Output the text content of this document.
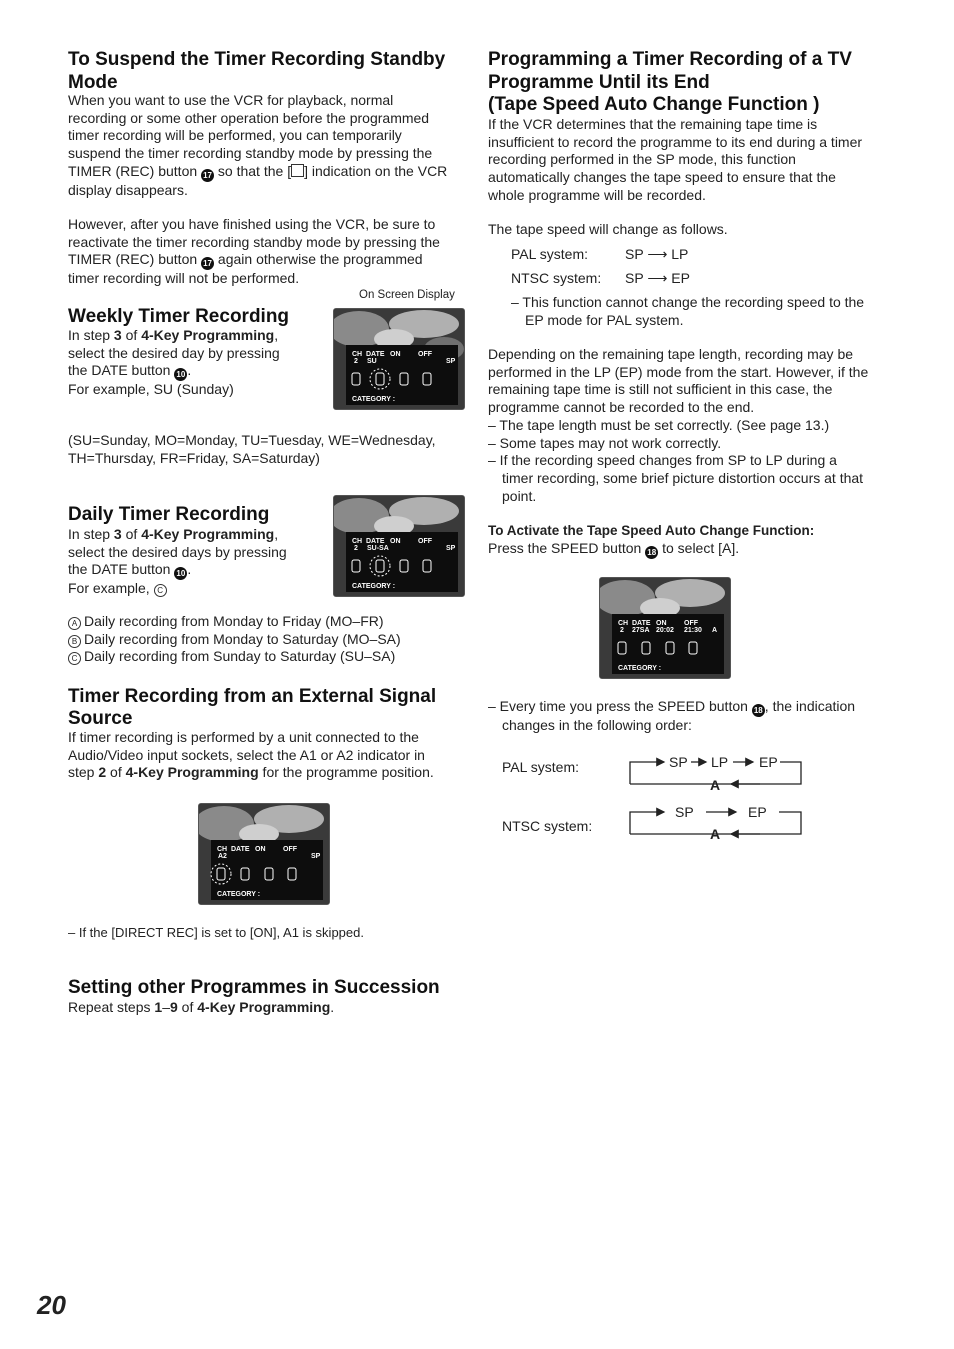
To Suspend the Timer Recording Standby
Mode
When you want to use the VCR for playback, normal
recording or some other operation before the programmed
timer recording will be performed, you can temporarily
suspend the timer recording standby mode by pressing the
TIMER (REC) button 17 so that the [ ] indication on the VCR
display disappears.
However, after you have finished using the VCR, be sure to
reactivate the timer recording standby mode by pressing the
TIMER (REC) button 17 again otherwise the programmed
timer recording will not be performed.
On Screen Display
Weekly Timer Recording
In step 3 of 4-Key Programming,
select the desired day by pressing
the DATE button 10 .
For example, SU (Sunday)
CH DATE ON	OFF
2 SU	SP
CATEGORY :
(SU=Sunday, MO=Monday, TU=Tuesday, WE=Wednesday,
TH=Thursday, FR=Friday, SA=Saturday)
Daily Timer Recording
In step 3 of 4-Key Programming,
select the desired days by pressing
the DATE button 10 .
For example, C
CH DATE ON	OFF
2 SU-SA	SP
CATEGORY :
A Daily recording from Monday to Friday (MO–FR)
B Daily recording from Monday to Saturday (MO–SA)
C Daily recording from Sunday to Saturday (SU–SA)
Timer Recording from an External Signal
Source
If timer recording is performed by a unit connected to the
Audio/Video input sockets, select the A1 or A2 indicator in
step 2 of 4-Key Programming for the programme position.
CH DATE ON	OFF
A2	SP
CATEGORY :
– If the [DIRECT REC] is set to [ON], A1 is skipped.
Setting other Programmes in Succession
Repeat steps 1–9 of 4-Key Programming.
Programming a Timer Recording of a TV
Programme Until its End
(Tape Speed Auto Change Function )
If the VCR determines that the remaining tape time is
insufficient to record the programme to its end during a timer
recording performed in the SP mode, this function
automatically changes the tape speed to ensure that the
whole programme will be recorded.
The tape speed will change as follows.
PAL system:	SP ⟶ LP
NTSC system: SP ⟶ EP
– This function cannot change the recording speed to the
EP mode for PAL system.
Depending on the remaining tape length, recording may be
performed in the LP (EP) mode from the start. However, if the
remaining tape time is still not sufficient in this case, the
programme cannot be recorded to the end.
– The tape length must be set correctly. (See page 13.)
– Some tapes may not work correctly.
– If the recording speed changes from SP to LP during a
timer recording, some brief picture distortion occurs at that
point.
To Activate the Tape Speed Auto Change Function:
Press the SPEED button 18 to select [A].
CH DATE ON	OFF
2 27SA 20:02 21:30 A
CATEGORY :
– Every time you press the SPEED button 18 , the indication
changes in the following order:
PAL system:
NTSC system:
SP LP EP
A
SP	EP
A
20
